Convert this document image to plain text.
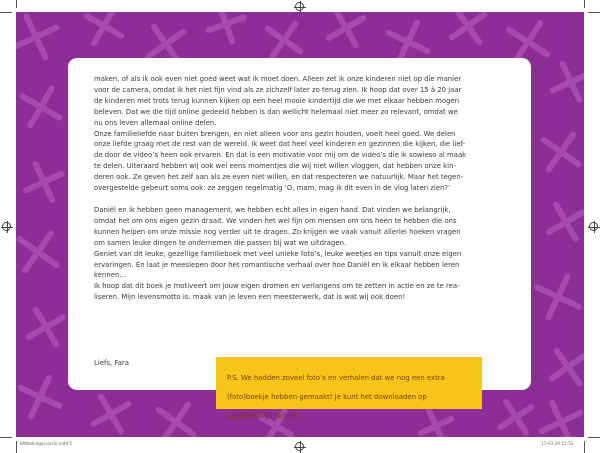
maken, of als ik ook even niet goed weet wat ik moet doen. Alleen zet ik onze kinderen niet op die manier

voor de camera, omdat ik het niet fijn vind als ze zichzelf later zo terug zien. Ik hoop dat over 15 à 20 jaar

de kinderen met trots terug kunnen kijken op een heel mooie kindertijd die we met elkaar hebben mogen

beleven. Dat we die tijd online gedeeld hebben is dan wellicht helemaal niet meer zo relevant, omdat we

nu ons leven allemaal online delen.

Onze familieliefde naar buiten brengen, en niet alleen voor ons gezin houden, voelt heel goed. We delen

onze liefde graag met de rest van de wereld. Ik weet dat heel veel kinderen en gezinnen die kijken, die lief-

de door de video’s heen ook ervaren. En dat is een motivatie voor mij om de video’s die ik sowieso al maak

te delen. Uiteraard hebben wij ook wel eens momentjes die wij niet willen vloggen, dat hebben onze kin-

deren ook. Ze geven het zelf aan als ze even niet willen, en dat respecteren we natuurlijk. Maar het tegen-

overgestelde gebeurt soms ook: ze zeggen regelmatig ‘O, mam, mag ik dit even in de vlog laten zien?’

Daniël en ik hebben geen management, we hebben echt alles in eigen hand. Dat vinden we belangrijk,

omdat het om ons eigen gezin draait. We vinden het wel fijn om mensen om ons heen te hebben die ons

kunnen helpen om onze missie nog verder uit te dragen. Zo krijgen we vaak vanuit allerlei hoeken vragen

om samen leuke dingen te ondernemen die passen bij wat we uitdragen.

Geniet van dit leuke, gezellige familieboek met veel unieke foto’s, leuke weetjes en tips vanuit onze eigen

ervaringen. En laat je meeslepen door het romantische verhaal over hoe Daniël en ik elkaar hebben leren

kennen…

Ik hoop dat dit boek je motiveert om jouw eigen dromen en verlangens om te zetten in actie en ze te rea-

liseren. Mijn levensmotto is: maak van je leven een meesterwerk, dat is wat wij ook doen!

Liefs, Fara

P.S. We hadden zoveel foto’s en verhalen dat we nog een extra

(foto)boekje hebben gemaakt! Je kunt het downloaden op

www.bellinga.tv/boek.

BWbellinga(corr3).indd 5	17-03-20 15:53
